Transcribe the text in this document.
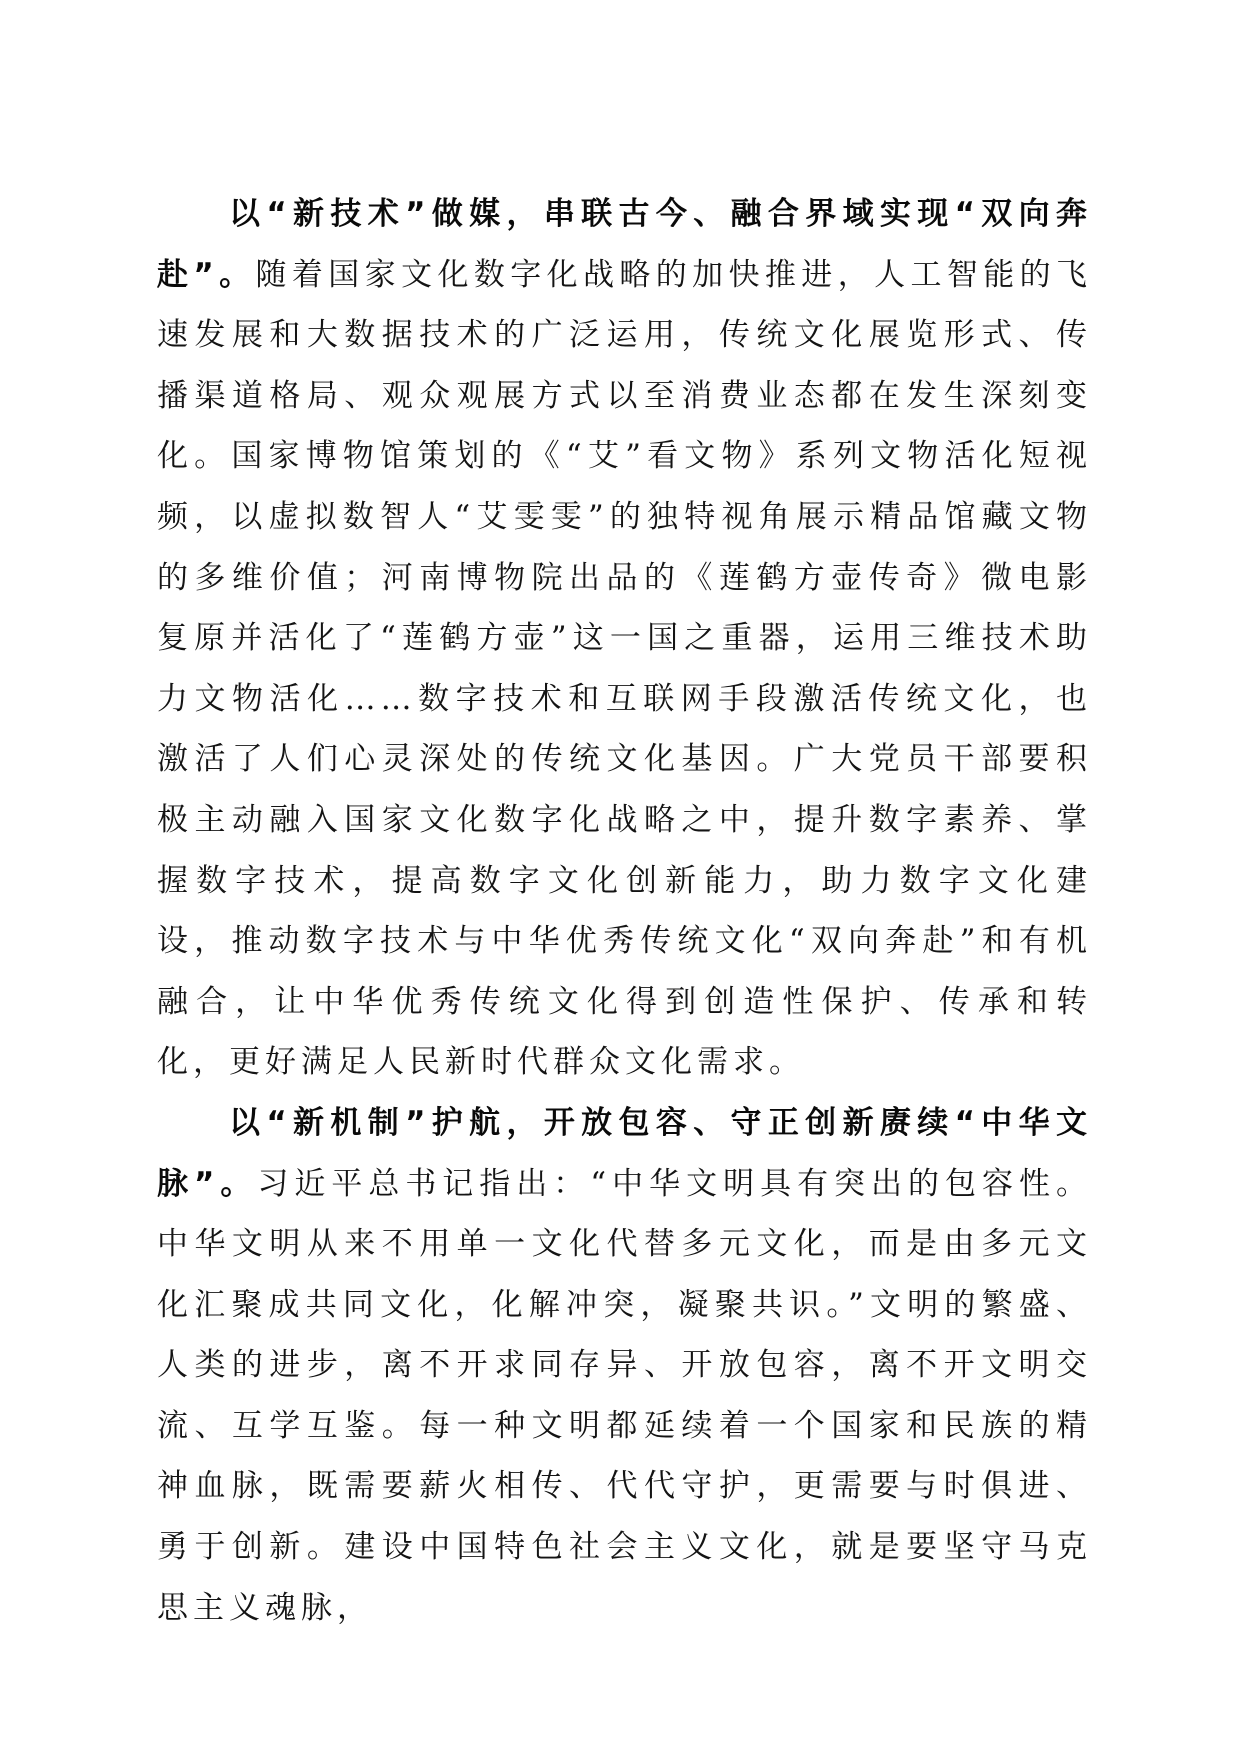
以“新技术”做媒，串联古今、融合界域实现“双向奔赴”。随着国家文化数字化战略的加快推进，人工智能的飞速发展和大数据技术的广泛运用，传统文化展览形式、传播渠道格局、观众观展方式以至消费业态都在发生深刻变化。国家博物馆策划的《“艾”看文物》系列文物活化短视频，以虚拟数智人“艾雯雯”的独特视角展示精品馆藏文物的多维价值；河南博物院出品的《莲鹤方壶传奇》微电影复原并活化了“莲鹤方壶”这一国之重器，运用三维技术助力文物活化……数字技术和互联网手段激活传统文化，也激活了人们心灵深处的传统文化基因。广大党员干部要积极主动融入国家文化数字化战略之中，提升数字素养、掌握数字技术，提高数字文化创新能力，助力数字文化建设，推动数字技术与中华优秀传统文化“双向奔赴”和有机融合，让中华优秀传统文化得到创造性保护、传承和转化，更好满足人民新时代群众文化需求。

以“新机制”护航，开放包容、守正创新赓续“中华文脉”。习近平总书记指出：“中华文明具有突出的包容性。中华文明从来不用单一文化代替多元文化，而是由多元文化汇聚成共同文化，化解冲突，凝聚共识。”文明的繁盛、人类的进步，离不开求同存异、开放包容，离不开文明交流、互学互鉴。每一种文明都延续着一个国家和民族的精神血脉，既需要薪火相传、代代守护，更需要与时俱进、勇于创新。建设中国特色社会主义文化，就是要坚守马克思主义魂脉，
